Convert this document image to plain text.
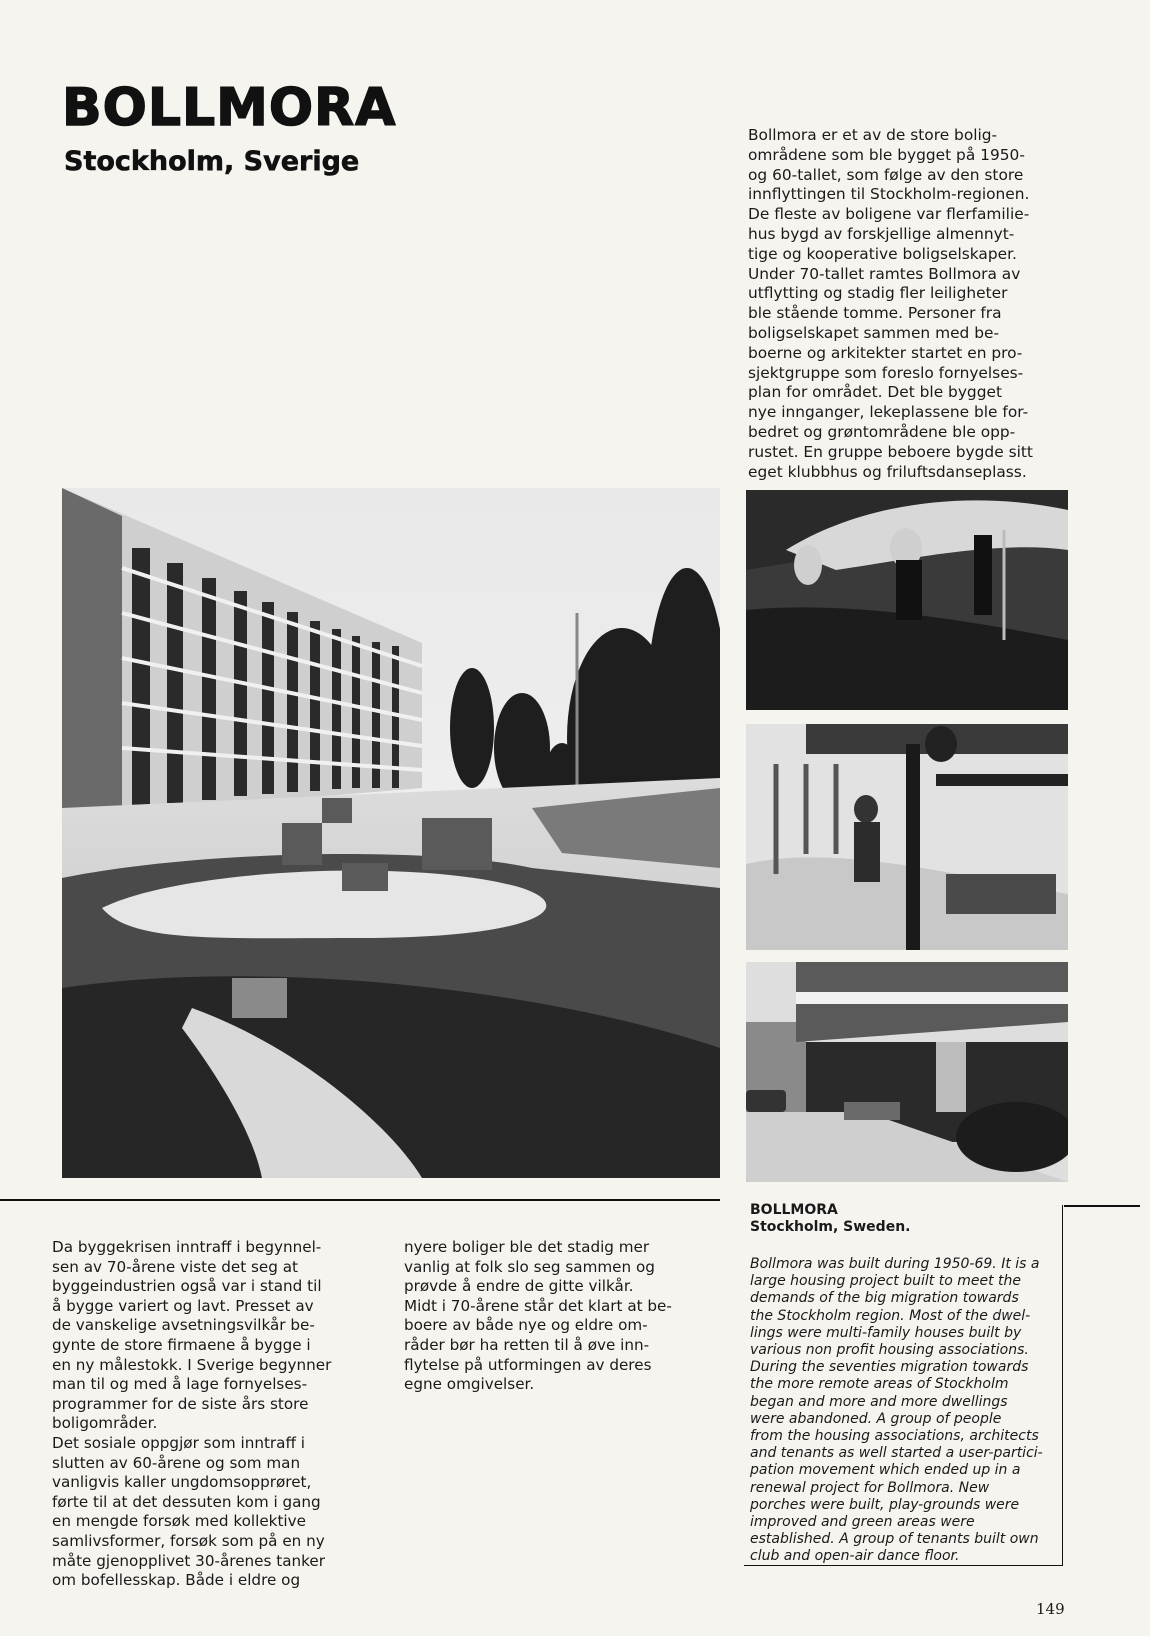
BOLLMORA
Stockholm, Sverige
Bollmora er et av de store bolig-
områdene som ble bygget på 1950-
og 60-tallet, som følge av den store
innflyttingen til Stockholm-regionen.
De fleste av boligene var flerfamilie-
hus bygd av forskjellige almennyt-
tige og kooperative boligselskaper.
Under 70-tallet ramtes Bollmora av
utflytting og stadig fler leiligheter
ble stående tomme. Personer fra
boligselskapet sammen med be-
boerne og arkitekter startet en pro-
sjektgruppe som foreslo fornyelses-
plan for området. Det ble bygget
nye innganger, lekeplassene ble for-
bedret og grøntområdene ble opp-
rustet. En gruppe beboere bygde sitt
eget klubbhus og friluftsdanseplass.
Da byggekrisen inntraff i begynnel-
sen av 70-årene viste det seg at
byggeindustrien også var i stand til
å bygge variert og lavt. Presset av
de vanskelige avsetningsvilkår be-
gynte de store firmaene å bygge i
en ny målestokk. I Sverige begynner
man til og med å lage fornyelses-
programmer for de siste års store
boligområder.
Det sosiale oppgjør som inntraff i
slutten av 60-årene og som man
vanligvis kaller ungdomsopprøret,
førte til at det dessuten kom i gang
en mengde forsøk med kollektive
samlivsformer, forsøk som på en ny
måte gjenopplivet 30-årenes tanker
om bofellesskap. Både i eldre og
nyere boliger ble det stadig mer
vanlig at folk slo seg sammen og
prøvde å endre de gitte vilkår.
Midt i 70-årene står det klart at be-
boere av både nye og eldre om-
råder bør ha retten til å øve inn-
flytelse på utformingen av deres
egne omgivelser.
BOLLMORA
Stockholm, Sweden.
Bollmora was built during 1950-69. It is a
large housing project built to meet the
demands of the big migration towards
the Stockholm region. Most of the dwel-
lings were multi-family houses built by
various non profit housing associations.
During the seventies migration towards
the more remote areas of Stockholm
began and more and more dwellings
were abandoned. A group of people
from the housing associations, architects
and tenants as well started a user-partici-
pation movement which ended up in a
renewal project for Bollmora. New
porches were built, play-grounds were
improved and green areas were
established. A group of tenants built own
club and open-air dance floor.
149
